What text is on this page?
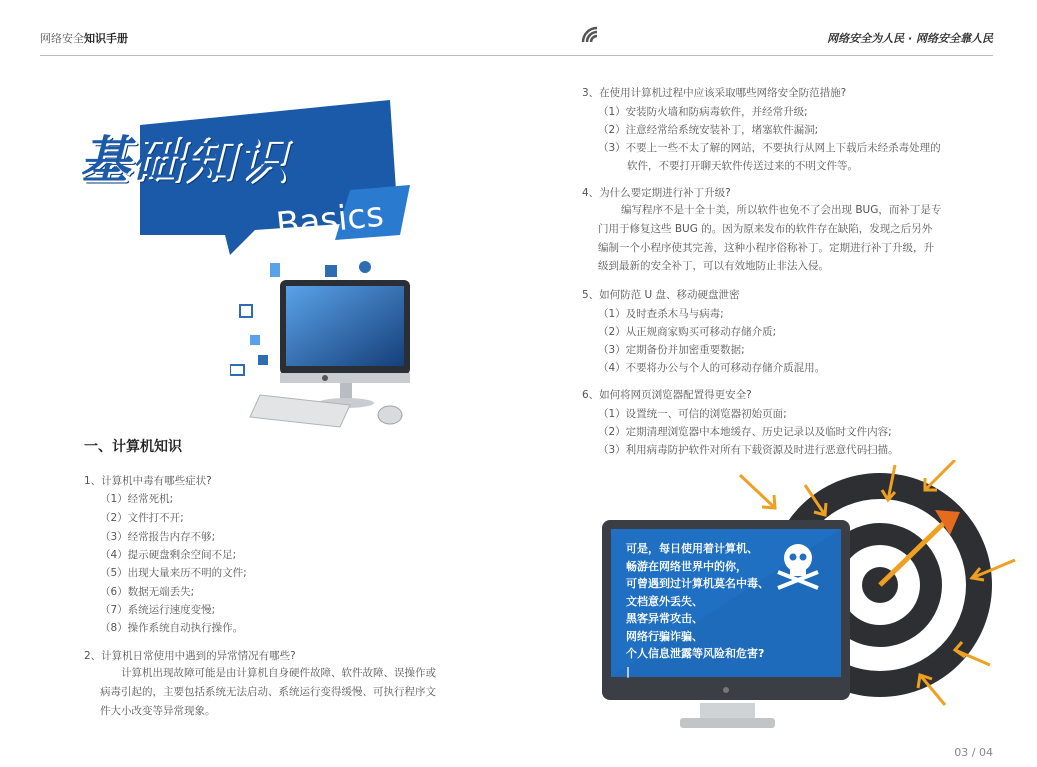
网络安全知识手册	网络安全为人民 · 网络安全靠人民
基础知识
Basics
一、计算机知识
1、计算机中毒有哪些症状?
（1）经常死机;
（2）文件打不开;
（3）经常报告内存不够;
（4）提示硬盘剩余空间不足;
（5）出现大量来历不明的文件;
（6）数据无端丢失;
（7）系统运行速度变慢;
（8）操作系统自动执行操作。
2、计算机日常使用中遇到的异常情况有哪些?
计算机出现故障可能是由计算机自身硬件故障、软件故障、误操作或
病毒引起的，主要包括系统无法启动、系统运行变得缓慢、可执行程序文
件大小改变等异常现象。
3、在使用计算机过程中应该采取哪些网络安全防范措施?
（1）安装防火墙和防病毒软件，并经常升级;
（2）注意经常给系统安装补丁，堵塞软件漏洞;
（3）不要上一些不太了解的网站，不要执行从网上下载后未经杀毒处理的
软件，不要打开聊天软件传送过来的不明文件等。
4、为什么要定期进行补丁升级?
编写程序不是十全十美，所以软件也免不了会出现 BUG，而补丁是专
门用于修复这些 BUG 的。因为原来发布的软件存在缺陷，发现之后另外
编制一个小程序使其完善，这种小程序俗称补丁。定期进行补丁升级，升
级到最新的安全补丁，可以有效地防止非法入侵。
5、如何防范 U 盘、移动硬盘泄密
（1）及时查杀木马与病毒;
（2）从正规商家购买可移动存储介质;
（3）定期备份并加密重要数据;
（4）不要将办公与个人的可移动存储介质混用。
6、如何将网页浏览器配置得更安全?
（1）设置统一、可信的浏览器初始页面;
（2）定期清理浏览器中本地缓存、历史记录以及临时文件内容;
（3）利用病毒防护软件对所有下载资源及时进行恶意代码扫描。
可是，每日使用着计算机、
畅游在网络世界中的你，
可曾遇到过计算机莫名中毒、
文档意外丢失、
黑客异常攻击、
网络行骗诈骗、
个人信息泄露等风险和危害?
|
03 / 04
